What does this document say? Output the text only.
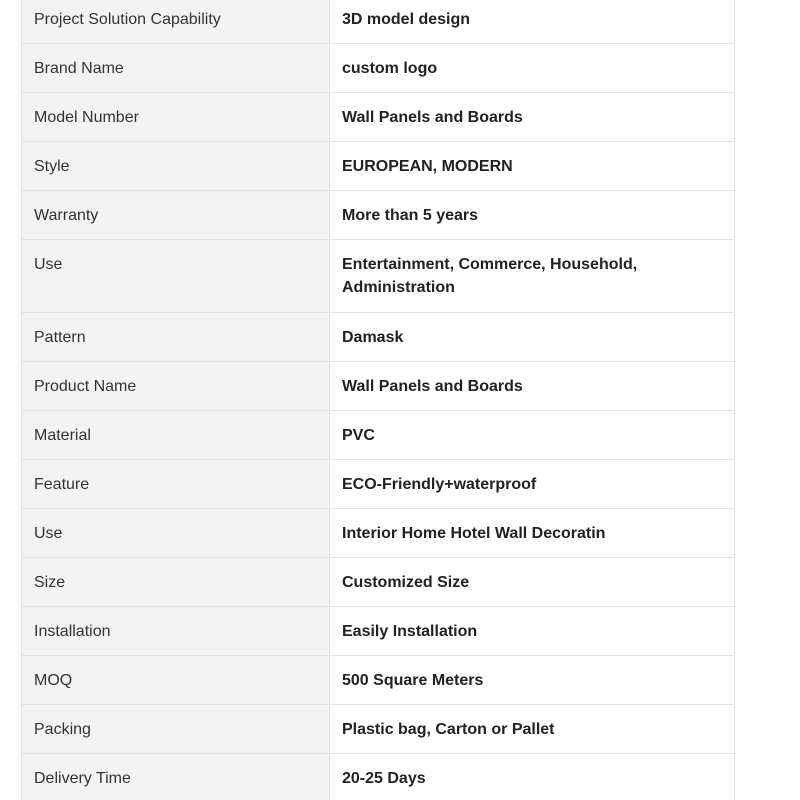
Project Solution Capability	3D model design
Brand Name	custom logo
Model Number	Wall Panels and Boards
Style	EUROPEAN, MODERN
Warranty	More than 5 years
Use	Entertainment, Commerce, Household, Administration
Pattern	Damask
Product Name	Wall Panels and Boards
Material	PVC
Feature	ECO-Friendly+waterproof
Use	Interior Home Hotel Wall Decoratin
Size	Customized Size
Installation	Easily Installation
MOQ	500 Square Meters
Packing	Plastic bag, Carton or Pallet
Delivery Time	20-25 Days
